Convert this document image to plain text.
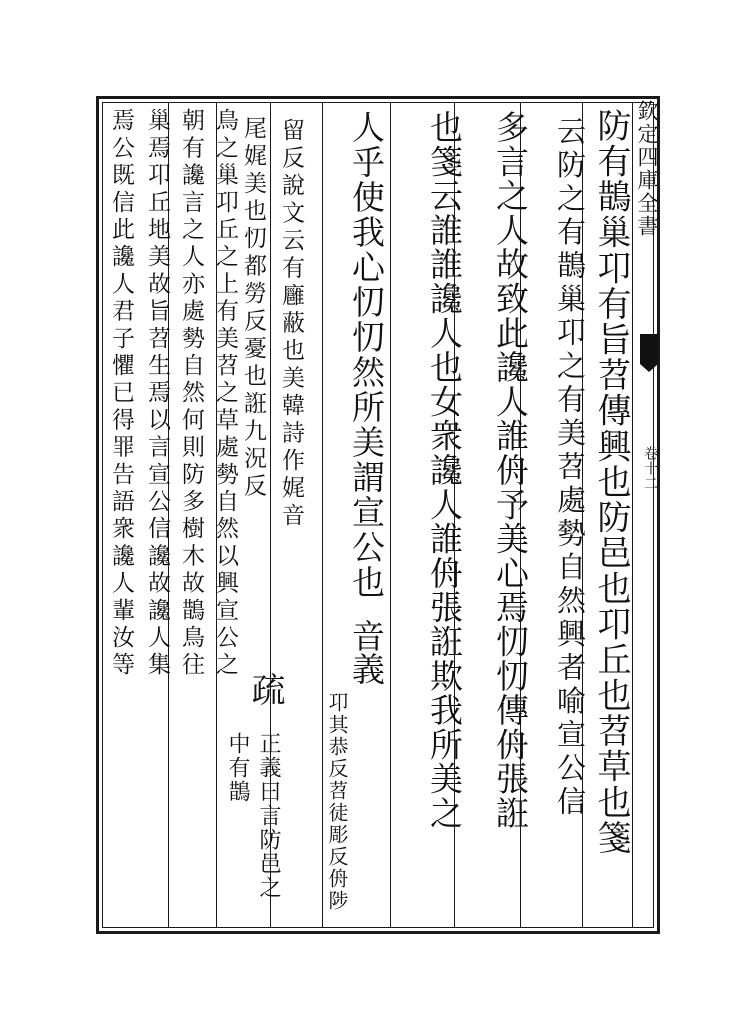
欽定四庫全書
卷十二
防有鵲巢卭有旨苕傳興也防邑也卭丘也苕草也箋
云防之有鵲巢卭之有美苕處勢自然興者喻宣公信
多言之人故致此讒人誰侜予美心焉忉忉傳侜張誑
也箋云誰誰讒人也女衆讒人誰侜張誑欺我所美之
人乎使我心忉忉然所美謂宣公也 音義
卭其恭反苕徒彫反侜陟
留反說文云有廱蔽也美韓詩作娓音
尾娓美也忉都勞反憂也誑九況反
疏
正義曰言防邑之中有鵲
鳥之巢卭丘之上有美苕之草處勢自然以興宣公之
朝有讒言之人亦處勢自然何則防多樹木故鵲鳥往
巢焉卭丘地美故旨苕生焉以言宣公信讒故讒人集
焉公既信此讒人君子懼已得罪告語衆讒人輩汝等
